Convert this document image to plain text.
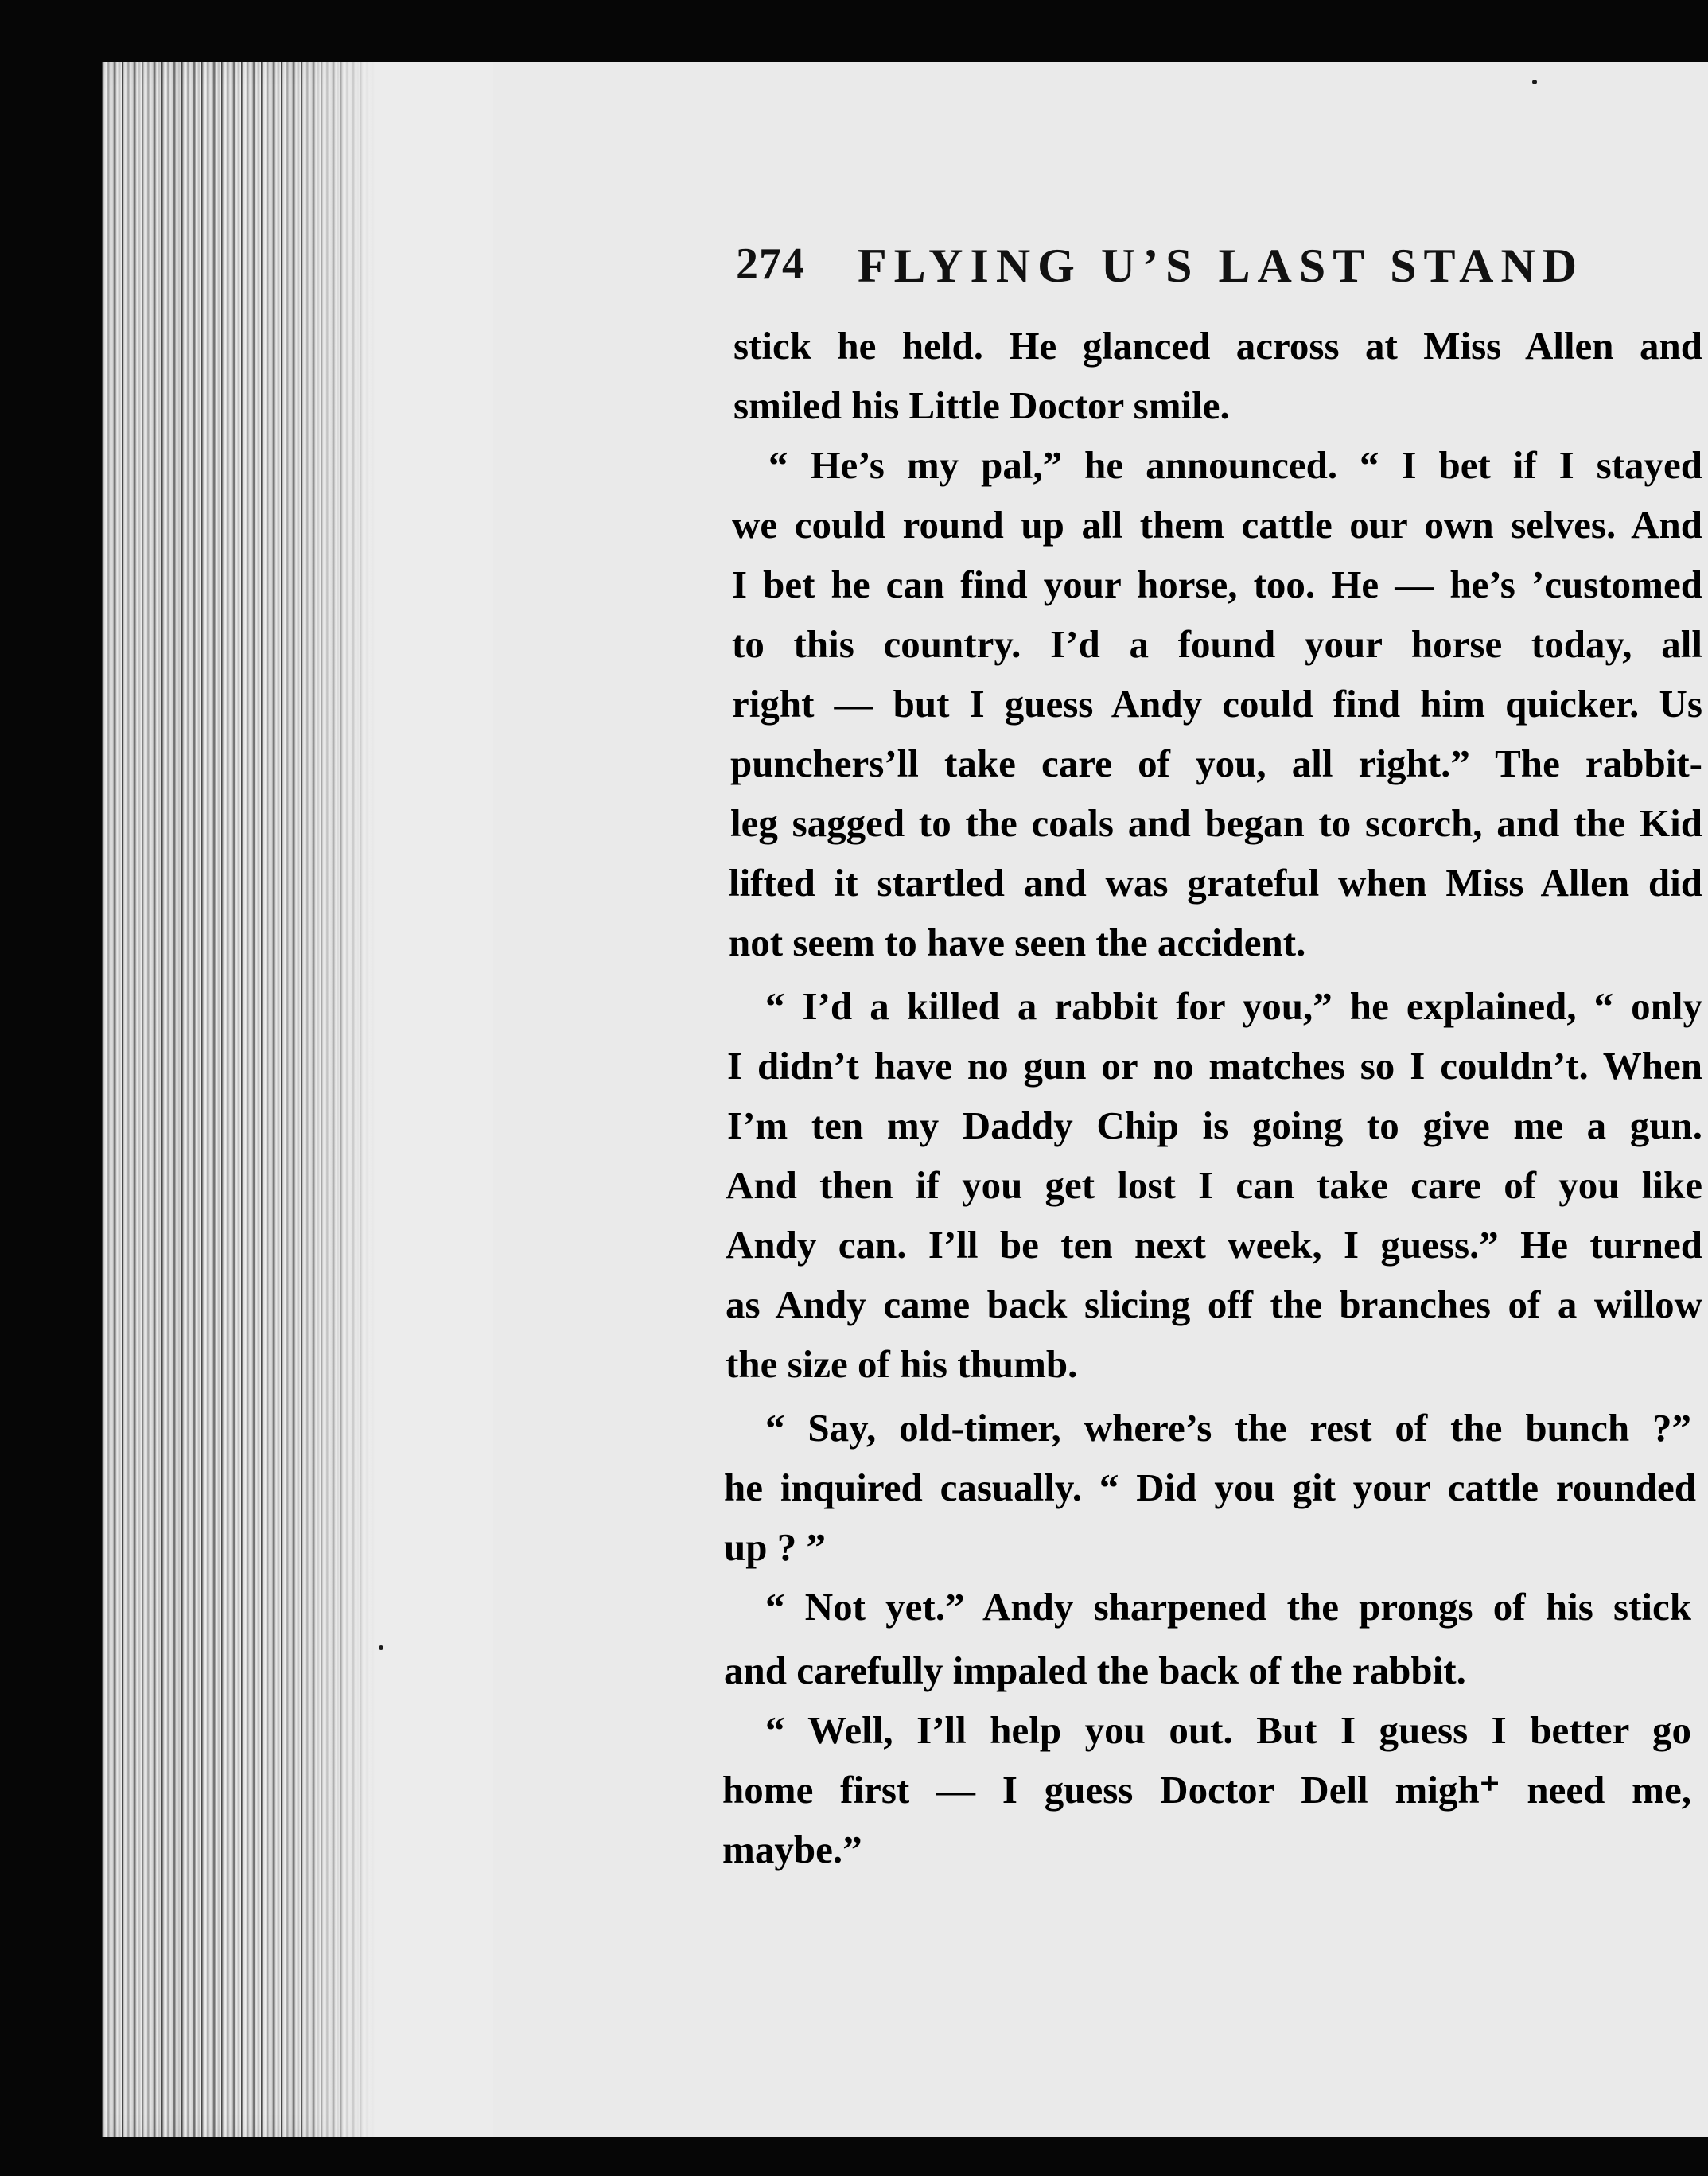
274 FLYING U’S LAST STAND
stick he held. He glanced across at Miss Allen and
smiled his Little Doctor smile.
“ He’s my pal,” he announced. “ I bet if I stayed
we could round up all them cattle our own selves. And
I bet he can find your horse, too. He — he’s ’customed
to this country. I’d a found your horse today, all
right — but I guess Andy could find him quicker. Us
punchers’ll take care of you, all right.” The rabbit-
leg sagged to the coals and began to scorch, and the Kid
lifted it startled and was grateful when Miss Allen did
not seem to have seen the accident.
“ I’d a killed a rabbit for you,” he explained, “ only
I didn’t have no gun or no matches so I couldn’t. When
I’m ten my Daddy Chip is going to give me a gun.
And then if you get lost I can take care of you like
Andy can. I’ll be ten next week, I guess.” He turned
as Andy came back slicing off the branches of a willow
the size of his thumb.
“ Say, old-timer, where’s the rest of the bunch ?”
he inquired casually. “ Did you git your cattle rounded
up ? ”
“ Not yet.” Andy sharpened the prongs of his stick
and carefully impaled the back of the rabbit.
“ Well, I’ll help you out. But I guess I better go
home first — I guess Doctor Dell migh⁺ need me,
maybe.”
